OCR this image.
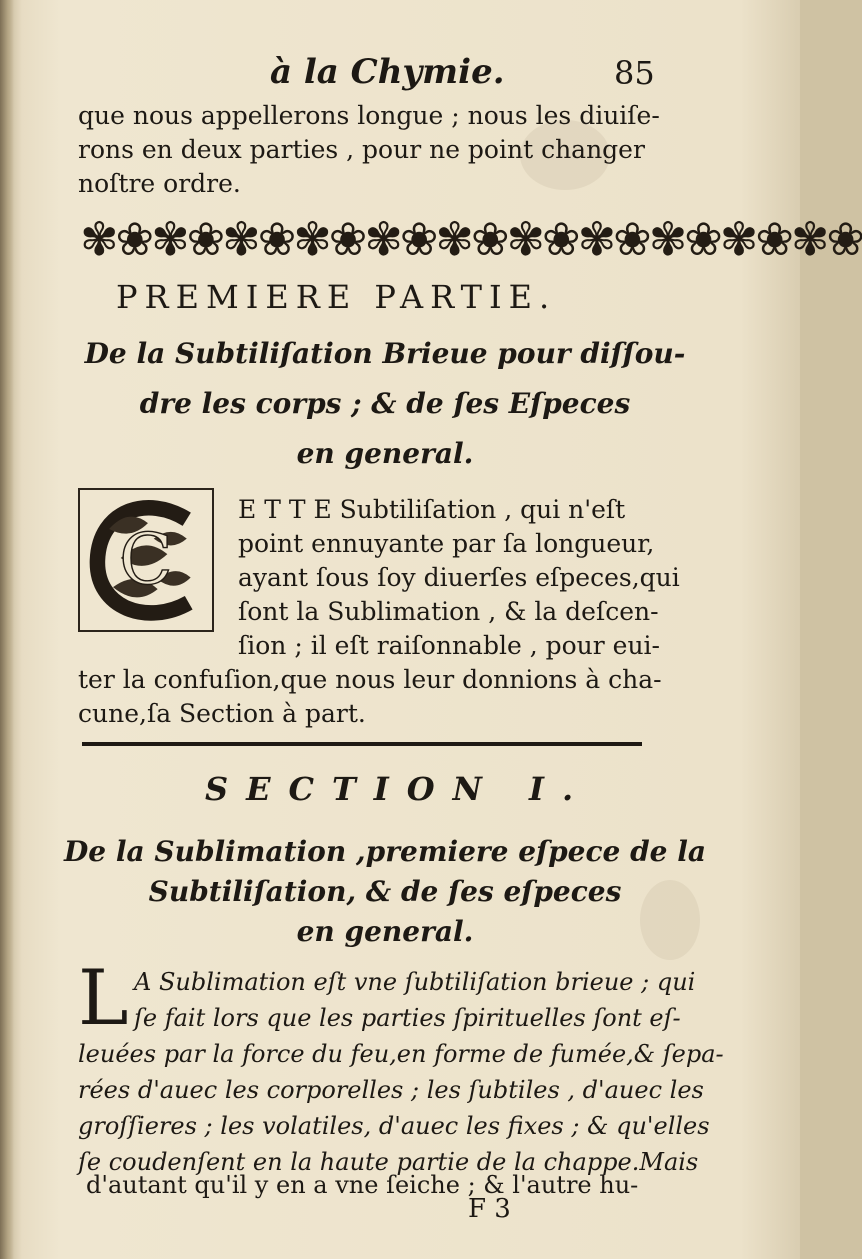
à la Chymie.	85
que nous appellerons longue ; nous les diuiſe-
rons en deux parties , pour ne point changer
noſtre ordre.
✾❀✾❀✾❀✾❀✾❀✾❀✾❀✾❀✾❀✾❀✾❀
PREMIERE PARTIE.
De la Subtiliſation Brieue pour diſſou-
dre les corps ; & de ſes Eſpeces
en general.
C
E T T E Subtiliſation , qui n'eſt
point ennuyante par ſa longueur,
ayant ſous ſoy diuerſes eſpeces,qui
ſont la Sublimation , & la deſcen-
ſion ; il eſt raiſonnable , pour eui-
ter la confuſion,que nous leur donnions à cha-
cune,ſa Section à part.
SECTION I.
De la Sublimation ,premiere eſpece de la
Subtiliſation, & de ſes eſpeces
en general.
L A Sublimation eſt vne ſubtiliſation brieue ; qui
ſe fait lors que les parties ſpirituelles ſont eſ-
leuées par la force du feu,en forme de fumée,& ſepa-
rées d'auec les corporelles ; les ſubtiles , d'auec les
groſſieres ; les volatiles, d'auec les fixes ; & qu'elles
ſe coudenſent en la haute partie de la chappe.Mais
d'autant qu'il y en a vne ſeiche ; & l'autre hu-
F 3
